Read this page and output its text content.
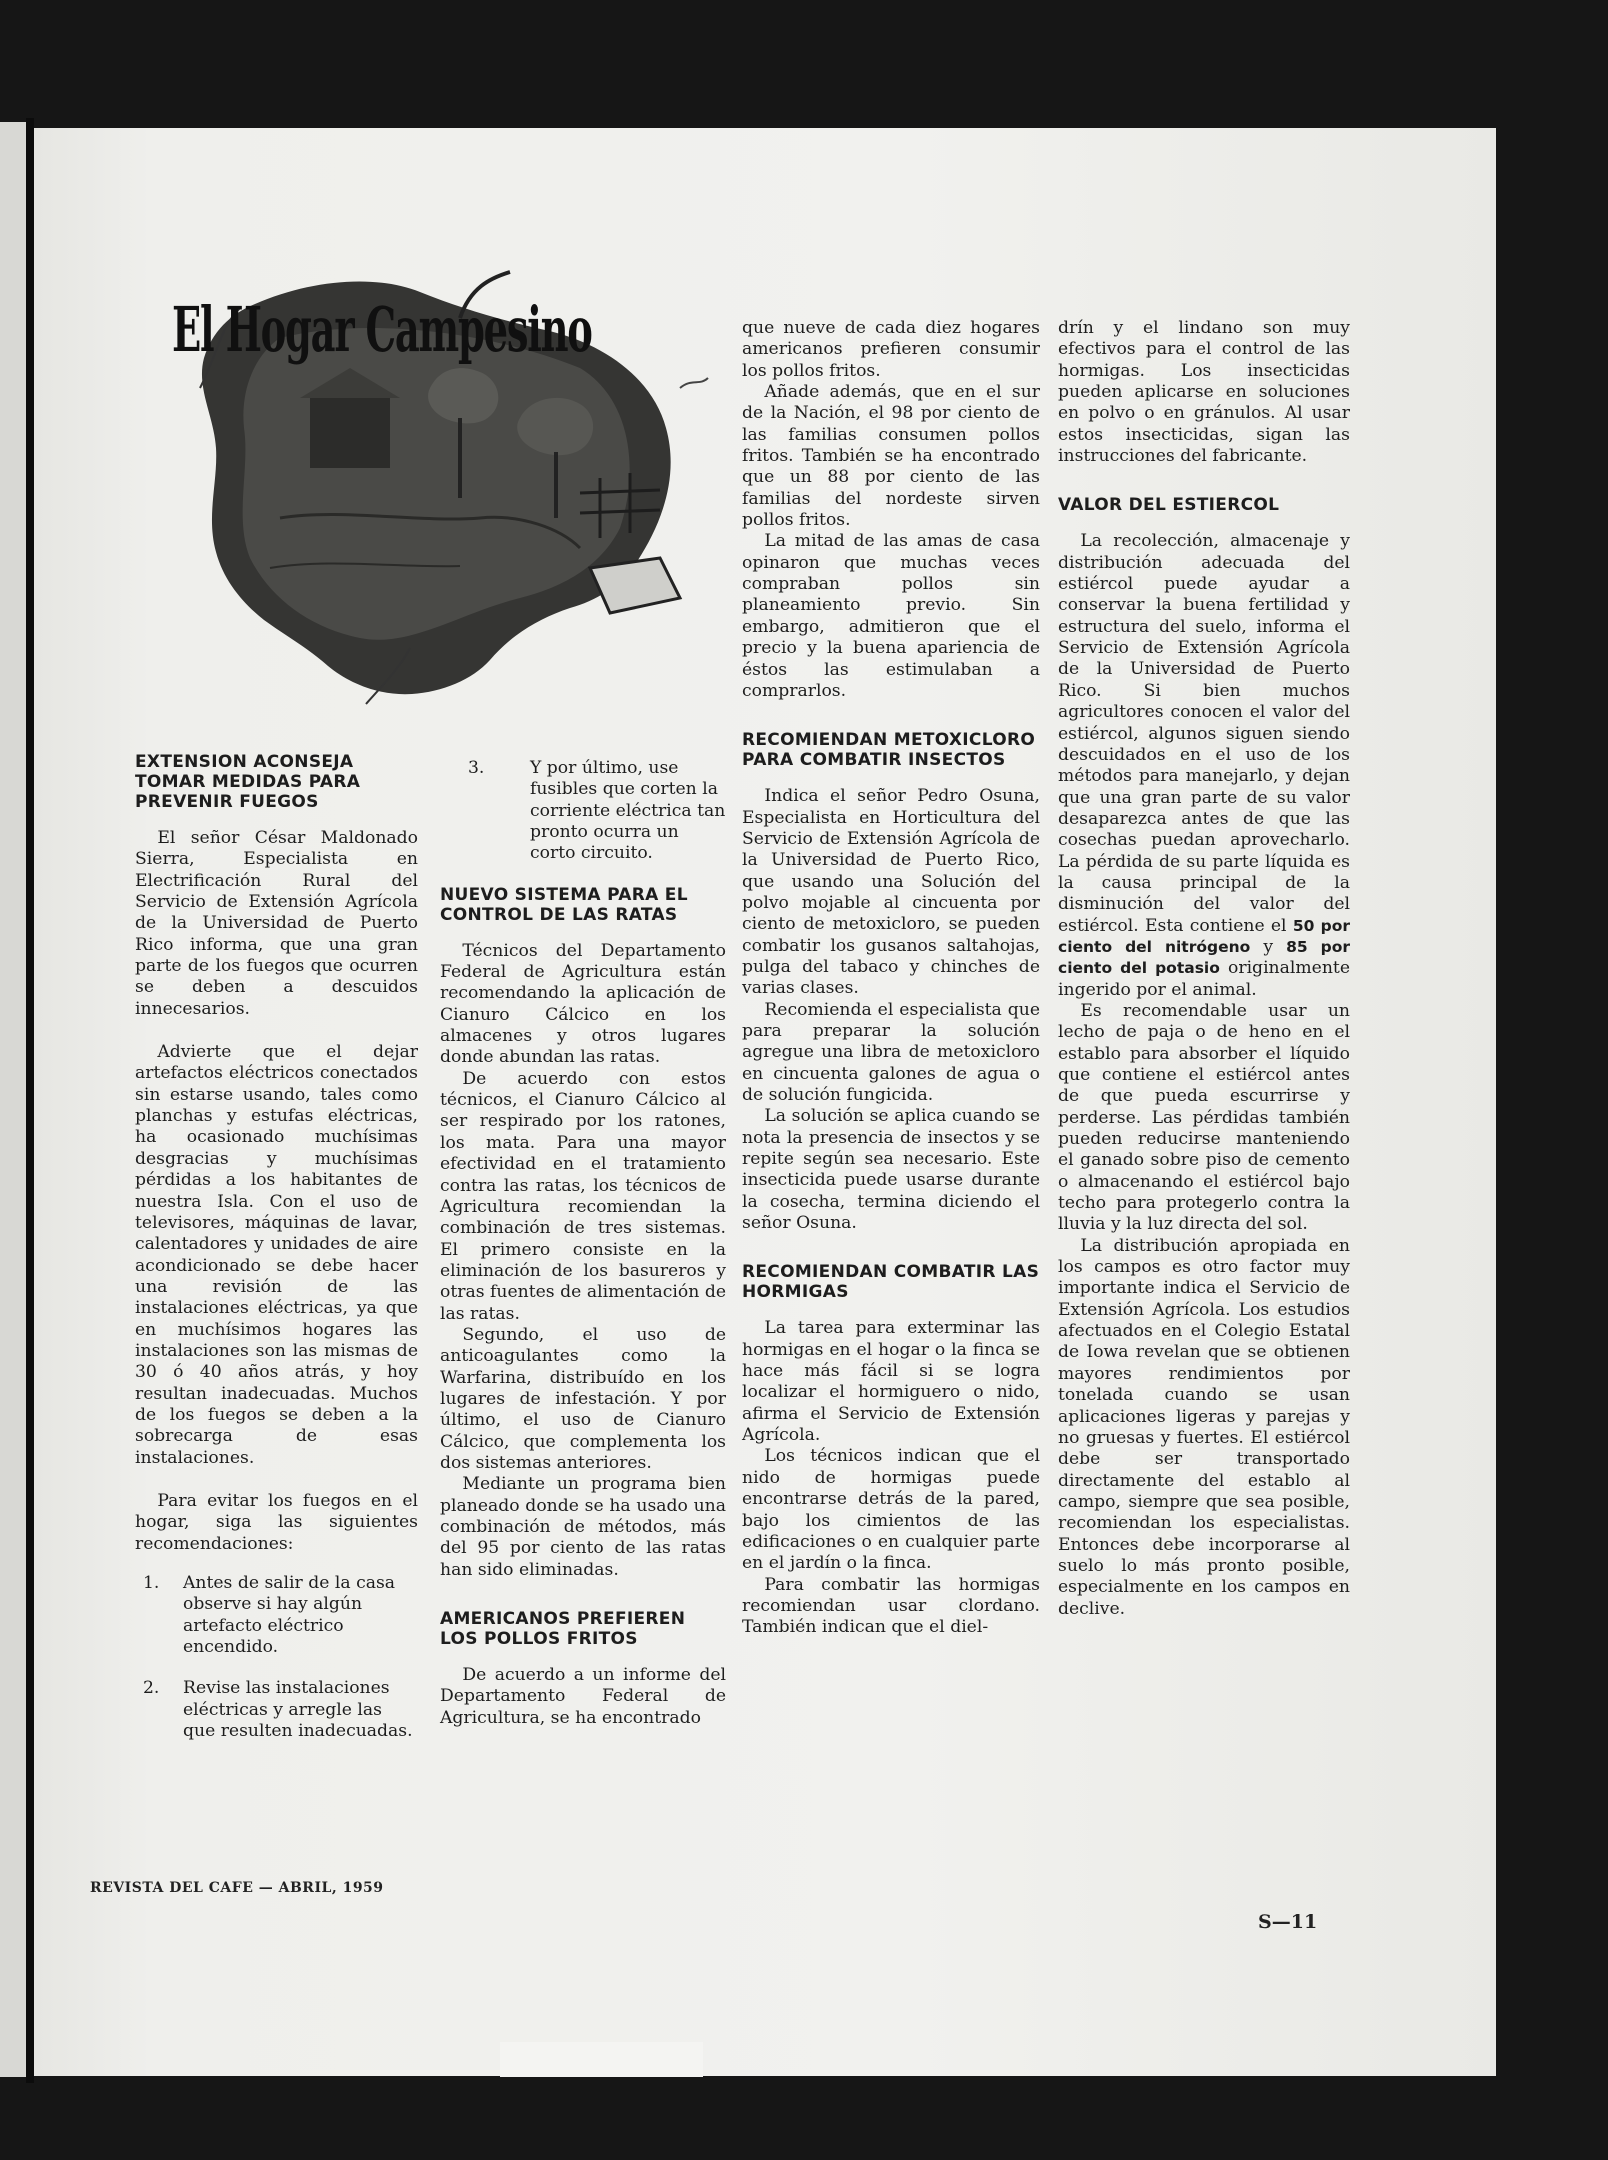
El Hogar Campesino
EXTENSION ACONSEJA TOMAR MEDIDAS PARA PREVENIR FUEGOS

El señor César Maldonado Sierra, Especialista en Electrificación Rural del Servicio de Extensión Agrícola de la Universidad de Puerto Rico informa, que una gran parte de los fuegos que ocurren se deben a descuidos innecesarios.

Advierte que el dejar artefactos eléctricos conectados sin estarse usando, tales como planchas y estufas eléctricas, ha ocasionado muchísimas desgracias y muchísimas pérdidas a los habitantes de nuestra Isla. Con el uso de televisores, máquinas de lavar, calentadores y unidades de aire acondicionado se debe hacer una revisión de las instalaciones eléctricas, ya que en muchísimos hogares las instalaciones son las mismas de 30 ó 40 años atrás, y hoy resultan inadecuadas. Muchos de los fuegos se deben a la sobrecarga de esas instalaciones.

Para evitar los fuegos en el hogar, siga las siguientes recomendaciones:

1.	Antes de salir de la casa observe si hay algún artefacto eléctrico encendido.
2.	Revise las instalaciones eléctricas y arregle las que resulten inadecuadas.
3.	Y por último, use fusibles que corten la corriente eléctrica tan pronto ocurra un corto circuito.
NUEVO SISTEMA PARA EL CONTROL DE LAS RATAS

Técnicos del Departamento Federal de Agricultura están recomendando la aplicación de Cianuro Cálcico en los almacenes y otros lugares donde abundan las ratas.

De acuerdo con estos técnicos, el Cianuro Cálcico al ser respirado por los ratones, los mata. Para una mayor efectividad en el tratamiento contra las ratas, los técnicos de Agricultura recomiendan la combinación de tres sistemas. El primero consiste en la eliminación de los basureros y otras fuentes de alimentación de las ratas.

Segundo, el uso de anticoagulantes como la Warfarina, distribuído en los lugares de infestación. Y por último, el uso de Cianuro Cálcico, que complementa los dos sistemas anteriores.

Mediante un programa bien planeado donde se ha usado una combinación de métodos, más del 95 por ciento de las ratas han sido eliminadas.

AMERICANOS PREFIEREN LOS POLLOS FRITOS

De acuerdo a un informe del Departamento Federal de Agricultura, se ha encontrado

que nueve de cada diez hogares americanos prefieren consumir los pollos fritos.

Añade además, que en el sur de la Nación, el 98 por ciento de las familias consumen pollos fritos. También se ha encontrado que un 88 por ciento de las familias del nordeste sirven pollos fritos.

La mitad de las amas de casa opinaron que muchas veces compraban pollos sin planeamiento previo. Sin embargo, admitieron que el precio y la buena apariencia de éstos las estimulaban a comprarlos.

RECOMIENDAN METOXICLORO PARA COMBATIR INSECTOS

Indica el señor Pedro Osuna, Especialista en Horticultura del Servicio de Extensión Agrícola de la Universidad de Puerto Rico, que usando una Solución del polvo mojable al cincuenta por ciento de metoxicloro, se pueden combatir los gusanos saltahojas, pulga del tabaco y chinches de varias clases.

Recomienda el especialista que para preparar la solución agregue una libra de metoxicloro en cincuenta galones de agua o de solución fungicida.

La solución se aplica cuando se nota la presencia de insectos y se repite según sea necesario. Este insecticida puede usarse durante la cosecha, termina diciendo el señor Osuna.

RECOMIENDAN COMBATIR LAS HORMIGAS

La tarea para exterminar las hormigas en el hogar o la finca se hace más fácil si se logra localizar el hormiguero o nido, afirma el Servicio de Extensión Agrícola.

Los técnicos indican que el nido de hormigas puede encontrarse detrás de la pared, bajo los cimientos de las edificaciones o en cualquier parte en el jardín o la finca.

Para combatir las hormigas recomiendan usar clordano. También indican que el diel-

drín y el lindano son muy efectivos para el control de las hormigas. Los insecticidas pueden aplicarse en soluciones en polvo o en gránulos. Al usar estos insecticidas, sigan las instrucciones del fabricante.

VALOR DEL ESTIERCOL

La recolección, almacenaje y distribución adecuada del estiércol puede ayudar a conservar la buena fertilidad y estructura del suelo, informa el Servicio de Extensión Agrícola de la Universidad de Puerto Rico. Si bien muchos agricultores conocen el valor del estiércol, algunos siguen siendo descuidados en el uso de los métodos para manejarlo, y dejan que una gran parte de su valor desaparezca antes de que las cosechas puedan aprovecharlo. La pérdida de su parte líquida es la causa principal de la disminución del valor del estiércol. Esta contiene el 50 por ciento del nitrógeno y 85 por ciento del potasio originalmente ingerido por el animal.

Es recomendable usar un lecho de paja o de heno en el establo para absorber el líquido que contiene el estiércol antes de que pueda escurrirse y perderse. Las pérdidas también pueden reducirse manteniendo el ganado sobre piso de cemento o almacenando el estiércol bajo techo para protegerlo contra la lluvia y la luz directa del sol.

La distribución apropiada en los campos es otro factor muy importante indica el Servicio de Extensión Agrícola. Los estudios afectuados en el Colegio Estatal de Iowa revelan que se obtienen mayores rendimientos por tonelada cuando se usan aplicaciones ligeras y parejas y no gruesas y fuertes. El estiércol debe ser transportado directamente del establo al campo, siempre que sea posible, recomiendan los especialistas. Entonces debe incorporarse al suelo lo más pronto posible, especialmente en los campos en declive.

REVISTA DEL CAFE — ABRIL, 1959
S—11
